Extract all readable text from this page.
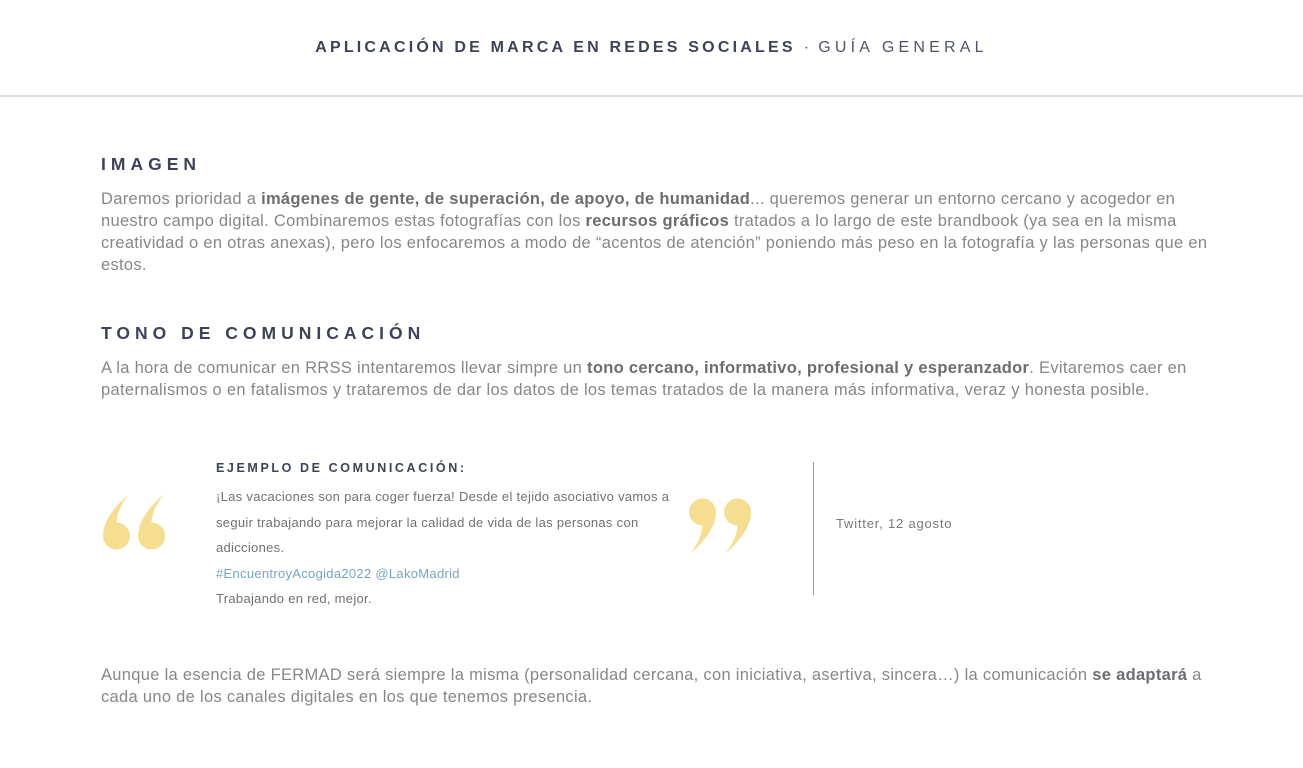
APLICACIÓN DE MARCA EN REDES SOCIALES · GUÍA GENERAL
IMAGEN

Daremos prioridad a imágenes de gente, de superación, de apoyo, de humanidad... queremos generar un entorno cercano y acogedor en nuestro campo digital. Combinaremos estas fotografías con los recursos gráficos tratados a lo largo de este brandbook (ya sea en la misma creatividad o en otras anexas), pero los enfocaremos a modo de “acentos de atención” poniendo más peso en la fotografía y las personas que en estos.

TONO DE COMUNICACIÓN

A la hora de comunicar en RRSS intentaremos llevar simpre un tono cercano, informativo, profesional y esperanzador. Evitaremos caer en paternalismos o en fatalismos y trataremos de dar los datos de los temas tratados de la manera más informativa, veraz y honesta posible.

EJEMPLO DE COMUNICACIÓN:

¡Las vacaciones son para coger fuerza! Desde el tejido asociativo vamos a seguir trabajando para mejorar la calidad de vida de las personas con adicciones.

#EncuentroyAcogida2022 @LakoMadrid

Trabajando en red, mejor.

Twitter, 12 agosto

Aunque la esencia de FERMAD será siempre la misma (personalidad cercana, con iniciativa, asertiva, sincera…) la comunicación se adaptará a cada uno de los canales digitales en los que tenemos presencia.
